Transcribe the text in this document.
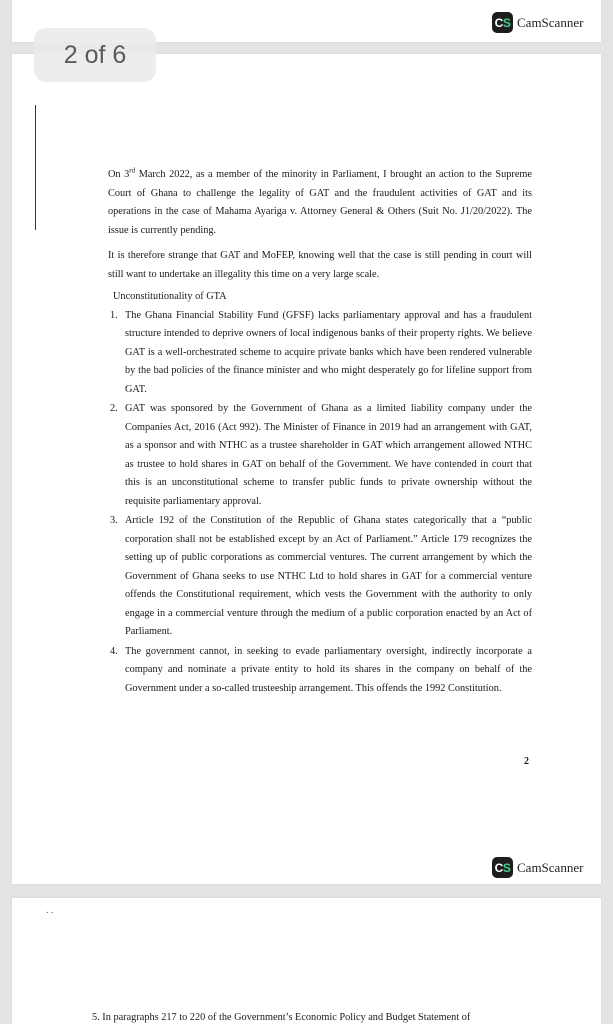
C S CamScanner
2 of 6

On 3rd March 2022, as a member of the minority in Parliament, I brought an action to the Supreme Court of Ghana to challenge the legality of GAT and the fraudulent activities of GAT and its operations in the case of Mahama Ayariga v. Attorney General & Others (Suit No. J1/20/2022). The issue is currently pending.

It is therefore strange that GAT and MoFEP, knowing well that the case is still pending in court will still want to undertake an illegality this time on a very large scale.

Unconstitutionality of GTA

1. The Ghana Financial Stability Fund (GFSF) lacks parliamentary approval and has a fraudulent structure intended to deprive owners of local indigenous banks of their property rights. We believe GAT is a well-orchestrated scheme to acquire private banks which have been rendered vulnerable by the bad policies of the finance minister and who might desperately go for lifeline support from GAT.
2. GAT was sponsored by the Government of Ghana as a limited liability company under the Companies Act, 2016 (Act 992). The Minister of Finance in 2019 had an arrangement with GAT, as a sponsor and with NTHC as a trustee shareholder in GAT which arrangement allowed NTHC as trustee to hold shares in GAT on behalf of the Government. We have contended in court that this is an unconstitutional scheme to transfer public funds to private ownership without the requisite parliamentary approval.
3. Article 192 of the Constitution of the Republic of Ghana states categorically that a “public corporation shall not be established except by an Act of Parliament.” Article 179 recognizes the setting up of public corporations as commercial ventures. The current arrangement by which the Government of Ghana seeks to use NTHC Ltd to hold shares in GAT for a commercial venture offends the Constitutional requirement, which vests the Government with the authority to only engage in a commercial venture through the medium of a public corporation enacted by an Act of Parliament.
4. The government cannot, in seeking to evade parliamentary oversight, indirectly incorporate a company and nominate a private entity to hold its shares in the company on behalf of the Government under a so-called trusteeship arrangement. This offends the 1992 Constitution.
2
C S CamScanner
. .
5. In paragraphs 217 to 220 of the Government’s Economic Policy and Budget Statement of
